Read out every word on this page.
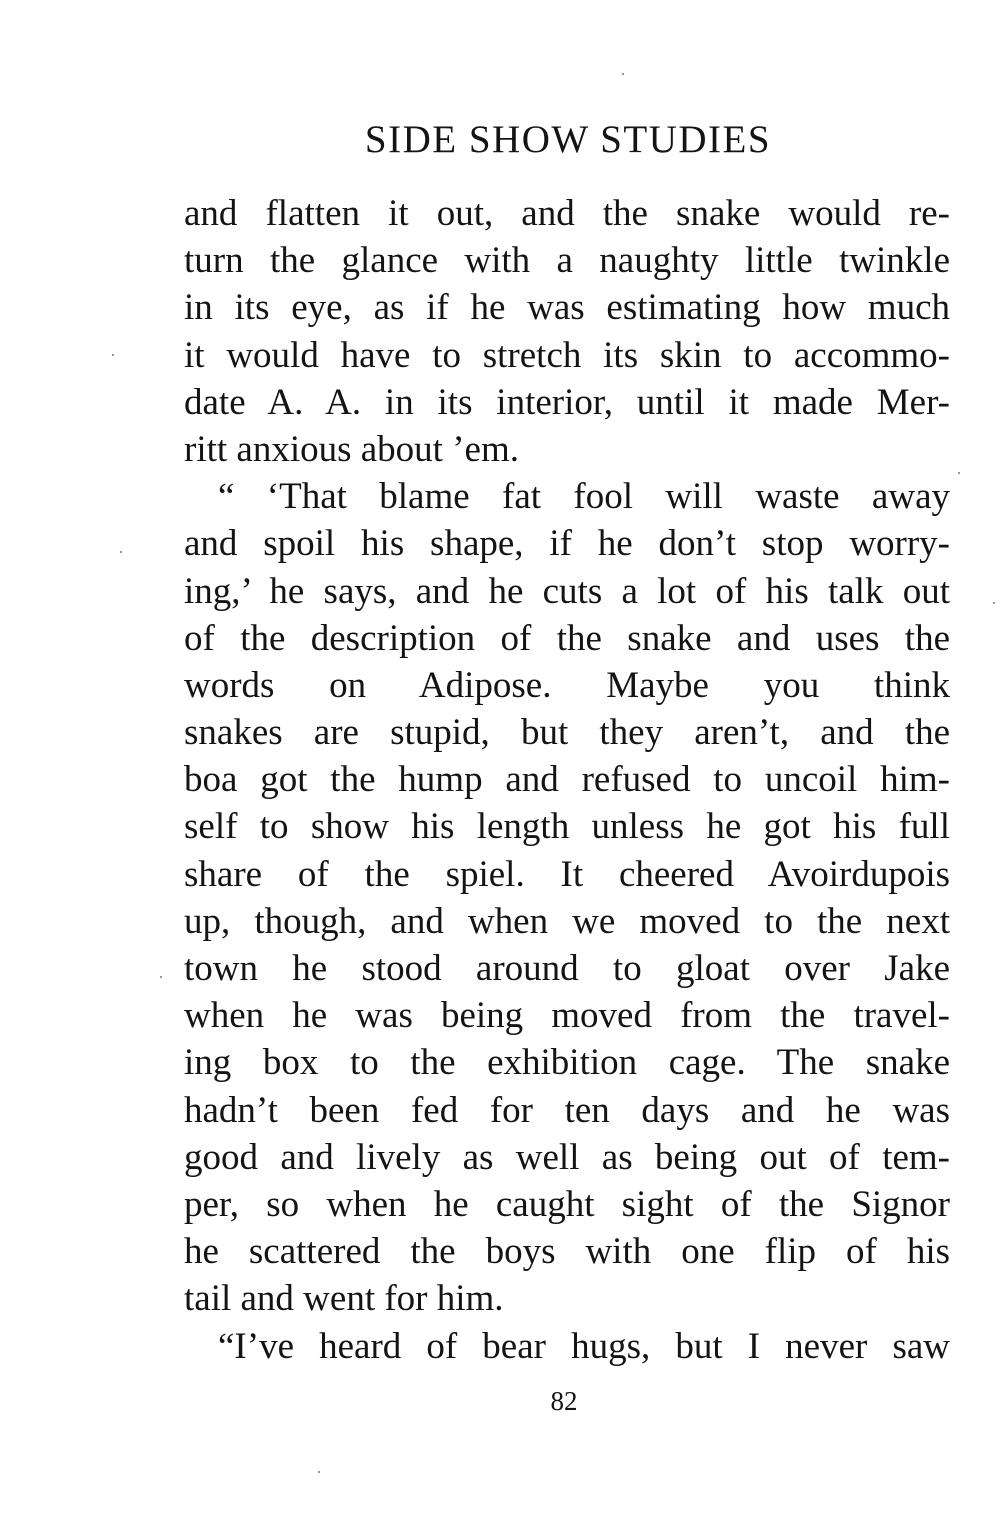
SIDE SHOW STUDIES
and flatten it out, and the snake would re-
turn the glance with a naughty little twinkle
in its eye, as if he was estimating how much
it would have to stretch its skin to accommo-
date A. A. in its interior, until it made Mer-
ritt anxious about ’em.
“ ‘That blame fat fool will waste away
and spoil his shape, if he don’t stop worry-
ing,’ he says, and he cuts a lot of his talk out
of the description of the snake and uses the
words on Adipose. Maybe you think
snakes are stupid, but they aren’t, and the
boa got the hump and refused to uncoil him-
self to show his length unless he got his full
share of the spiel. It cheered Avoirdupois
up, though, and when we moved to the next
town he stood around to gloat over Jake
when he was being moved from the travel-
ing box to the exhibition cage. The snake
hadn’t been fed for ten days and he was
good and lively as well as being out of tem-
per, so when he caught sight of the Signor
he scattered the boys with one flip of his
tail and went for him.
“I’ve heard of bear hugs, but I never saw
82
